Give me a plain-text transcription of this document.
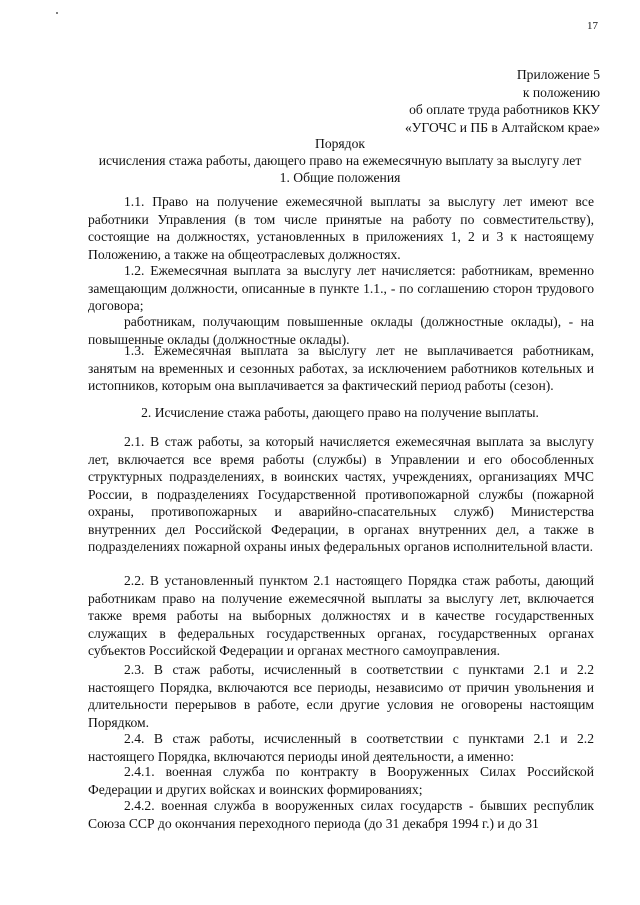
17
Приложение 5
к положению
об оплате труда работников ККУ
«УГОЧС и ПБ в Алтайском крае»
Порядок
исчисления стажа работы, дающего право на ежемесячную выплату за выслугу лет
1. Общие положения

1.1. Право на получение ежемесячной выплаты за выслугу лет имеют все работники Управления (в том числе принятые на работу по совместительству), состоящие на должностях, установленных в приложениях 1, 2 и 3 к настоящему Положению, а также на общеотраслевых должностях.

1.2. Ежемесячная выплата за выслугу лет начисляется: работникам, временно замещающим должности, описанные в пункте 1.1., - по соглашению сторон трудового договора;

работникам, получающим повышенные оклады (должностные оклады), - на повышенные оклады (должностные оклады).

1.3. Ежемесячная выплата за выслугу лет не выплачивается работникам, занятым на временных и сезонных работах, за исключением работников котельных и истопников, которым она выплачивается за фактический период работы (сезон).

2. Исчисление стажа работы, дающего право на получение выплаты.

2.1. В стаж работы, за который начисляется ежемесячная выплата за выслугу лет, включается все время работы (службы) в Управлении и его обособленных структурных подразделениях, в воинских частях, учреждениях, организациях МЧС России, в подразделениях Государственной противопожарной службы (пожарной охраны, противопожарных и аварийно-спасательных служб) Министерства внутренних дел Российской Федерации, в органах внутренних дел, а также в подразделениях пожарной охраны иных федеральных органов исполнительной власти.

2.2. В установленный пунктом 2.1 настоящего Порядка стаж работы, дающий работникам право на получение ежемесячной выплаты за выслугу лет, включается также время работы на выборных должностях и в качестве государственных служащих в федеральных государственных органах, государственных органах субъектов Российской Федерации и органах местного самоуправления.

2.3. В стаж работы, исчисленный в соответствии с пунктами 2.1 и 2.2 настоящего Порядка, включаются все периоды, независимо от причин увольнения и длительности перерывов в работе, если другие условия не оговорены настоящим Порядком.

2.4. В стаж работы, исчисленный в соответствии с пунктами 2.1 и 2.2 настоящего Порядка, включаются периоды иной деятельности, а именно:

2.4.1. военная служба по контракту в Вооруженных Силах Российской Федерации и других войсках и воинских формированиях;

2.4.2. военная служба в вооруженных силах государств - бывших республик Союза ССР до окончания переходного периода (до 31 декабря 1994 г.) и до 31
